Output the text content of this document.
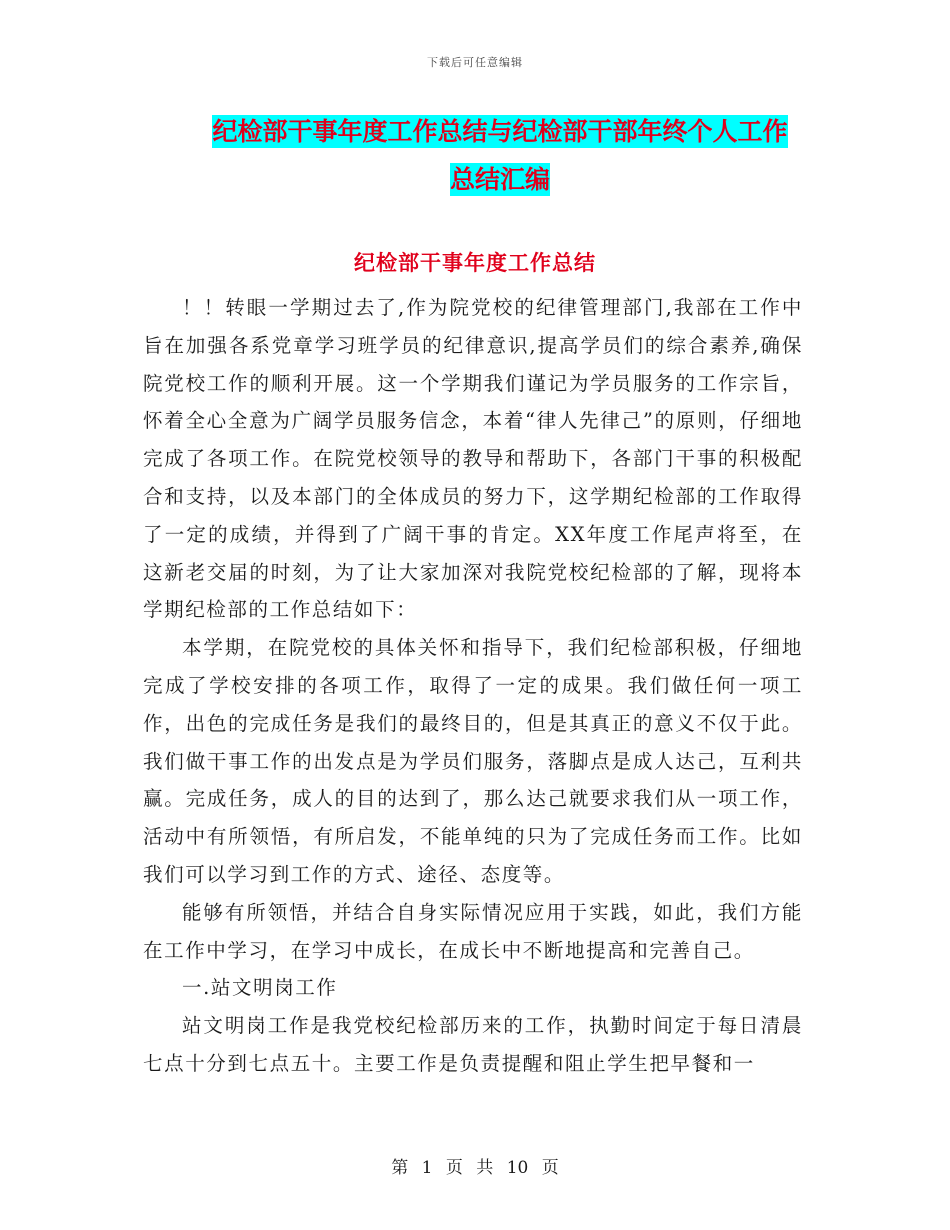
下载后可任意编辑
纪检部干事年度工作总结与纪检部干部年终个人工作
总结汇编
纪检部干事年度工作总结

！！转眼一学期过去了,作为院党校的纪律管理部门,我部在工作中旨在加强各系党章学习班学员的纪律意识,提高学员们的综合素养,确保院党校工作的顺利开展。这一个学期我们谨记为学员服务的工作宗旨，怀着全心全意为广阔学员服务信念，本着“律人先律己”的原则，仔细地完成了各项工作。在院党校领导的教导和帮助下，各部门干事的积极配合和支持，以及本部门的全体成员的努力下，这学期纪检部的工作取得了一定的成绩，并得到了广阔干事的肯定。XX年度工作尾声将至，在这新老交届的时刻，为了让大家加深对我院党校纪检部的了解，现将本学期纪检部的工作总结如下：

本学期，在院党校的具体关怀和指导下，我们纪检部积极，仔细地完成了学校安排的各项工作，取得了一定的成果。我们做任何一项工作，出色的完成任务是我们的最终目的，但是其真正的意义不仅于此。我们做干事工作的出发点是为学员们服务，落脚点是成人达己，互利共赢。完成任务，成人的目的达到了，那么达己就要求我们从一项工作，活动中有所领悟，有所启发，不能单纯的只为了完成任务而工作。比如我们可以学习到工作的方式、途径、态度等。

能够有所领悟，并结合自身实际情况应用于实践，如此，我们方能在工作中学习，在学习中成长，在成长中不断地提高和完善自己。

一.站文明岗工作

站文明岗工作是我党校纪检部历来的工作，执勤时间定于每日清晨七点十分到七点五十。主要工作是负责提醒和阻止学生把早餐和一

第 1 页 共 10 页
